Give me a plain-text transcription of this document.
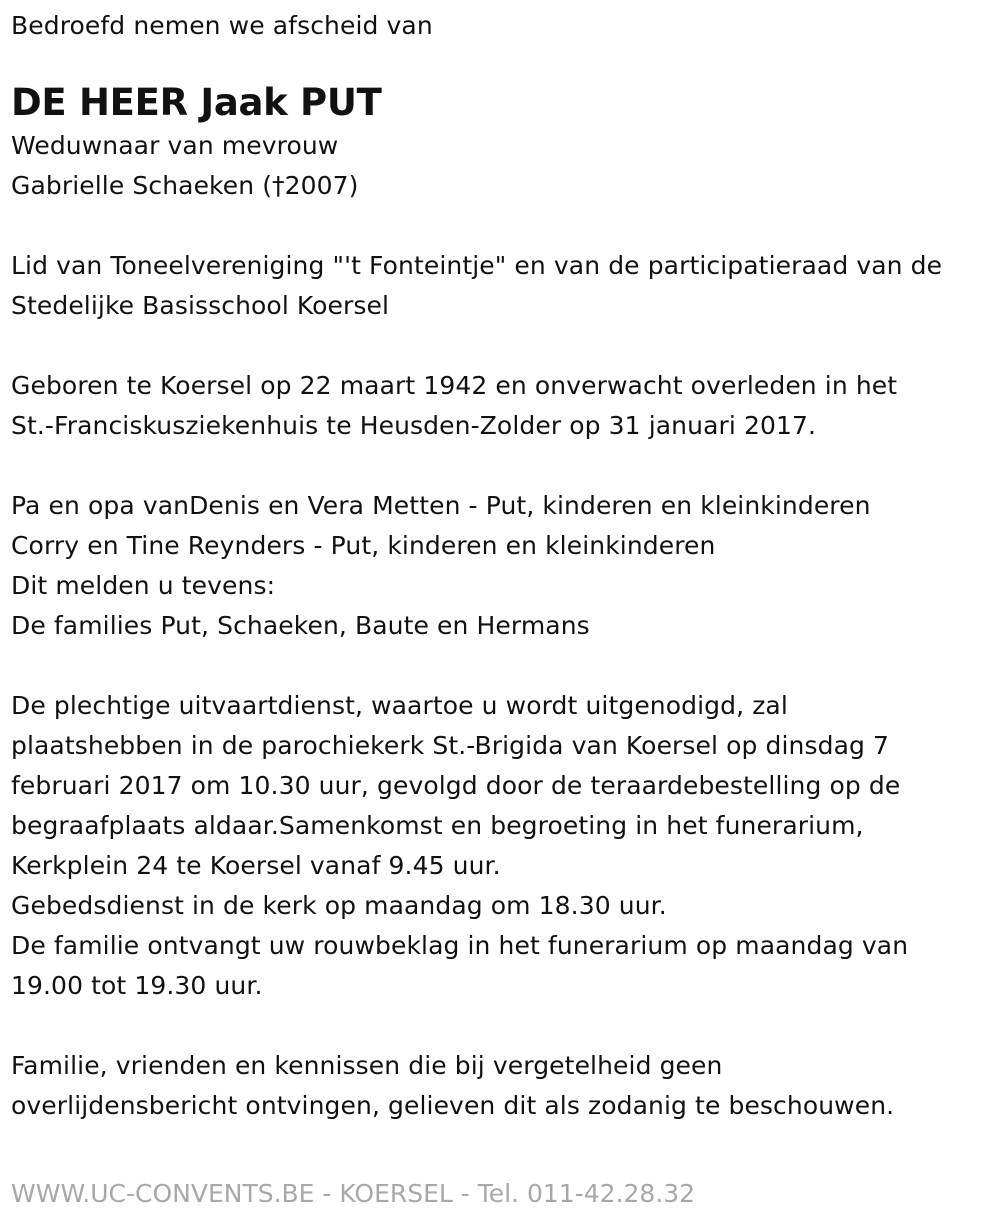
Bedroefd nemen we afscheid van
DE HEER Jaak PUT
Weduwnaar van mevrouw
Gabrielle Schaeken (†2007)
Lid van Toneelvereniging "'t Fonteintje" en van de participatieraad van de
Stedelijke Basisschool Koersel
Geboren te Koersel op 22 maart 1942 en onverwacht overleden in het
St.-Franciskusziekenhuis te Heusden-Zolder op 31 januari 2017.
Pa en opa vanDenis en Vera Metten - Put, kinderen en kleinkinderen
Corry en Tine Reynders - Put, kinderen en kleinkinderen
Dit melden u tevens:
De families Put, Schaeken, Baute en Hermans
De plechtige uitvaartdienst, waartoe u wordt uitgenodigd, zal
plaatshebben in de parochiekerk St.-Brigida van Koersel op dinsdag 7
februari 2017 om 10.30 uur, gevolgd door de teraardebestelling op de
begraafplaats aldaar.Samenkomst en begroeting in het funerarium,
Kerkplein 24 te Koersel vanaf 9.45 uur.
Gebedsdienst in de kerk op maandag om 18.30 uur.
De familie ontvangt uw rouwbeklag in het funerarium op maandag van
19.00 tot 19.30 uur.
Familie, vrienden en kennissen die bij vergetelheid geen
overlijdensbericht ontvingen, gelieven dit als zodanig te beschouwen.
WWW.UC-CONVENTS.BE - KOERSEL - Tel. 011-42.28.32
